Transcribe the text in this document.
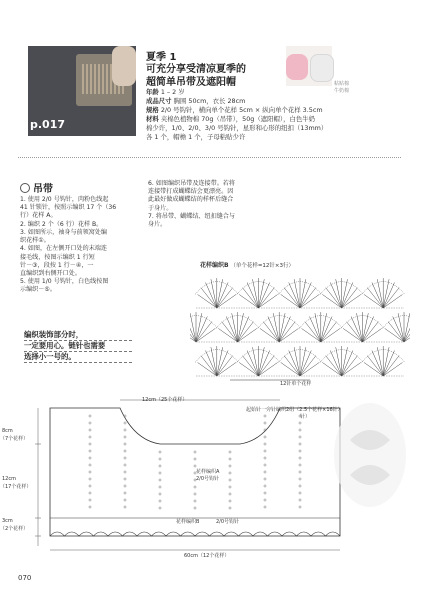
p.017
粘贴棉
牛奶棉
夏季 1
可充分享受清凉夏季的
超简单吊带及遮阳帽
年龄 1 – 2 岁
成品尺寸 胸围 50cm，衣长 28cm
规格 2/0 号钩针，横向单个花样 5cm × 纵向单个花样 3.5cm
材料 夹棉色植物棉 70g（吊带），50g（遮阳帽），白色牛奶
棉少许，1/0、2/0、3/0 号钩针，星形和心形的纽扣（13mm）
各 1 个，帽檐 1 个，子母粘贴少许
吊带
1. 使用 2/0 号钩针，肉粉色线起
41 针锁针，按照示编织 17 个（36
行）花样 A。
2. 编织 2 个（6 行）花样 B。
3. 如图所示，袖身与前领窝处编
织花样①。
4. 如图，在左侧开口处的末端连
接毛线，按图示编织 1 行短
针－③，段按 1 行－④，一
直编织到右侧开口处。
5. 使用 1/0 号钩针，白色线按图
示编织－⑤。
编织装饰部分时，
一定要用心。链针也需要
选择小一号的。
6. 如图编织吊带及连接带。若将
连接带打成蝴蝶结会更漂亮。因
此最好做成蝴蝶结的样杯后缝合
于身片。
7. 将吊带、蝴蝶结、纽扣缝合与
身片。
花样编织B （单个花样=12针×3行）
12针单个花样
12cm（25个花样）
起始针一旁针编织2组（2.5个花样×16针）
针）
8cm
（7个花样）
12cm
（17个花样）
3cm
（2个花样）
花样编织A
2/0号钩针
花样编织B	2/0号钩针
60cm（12个花样）
070
